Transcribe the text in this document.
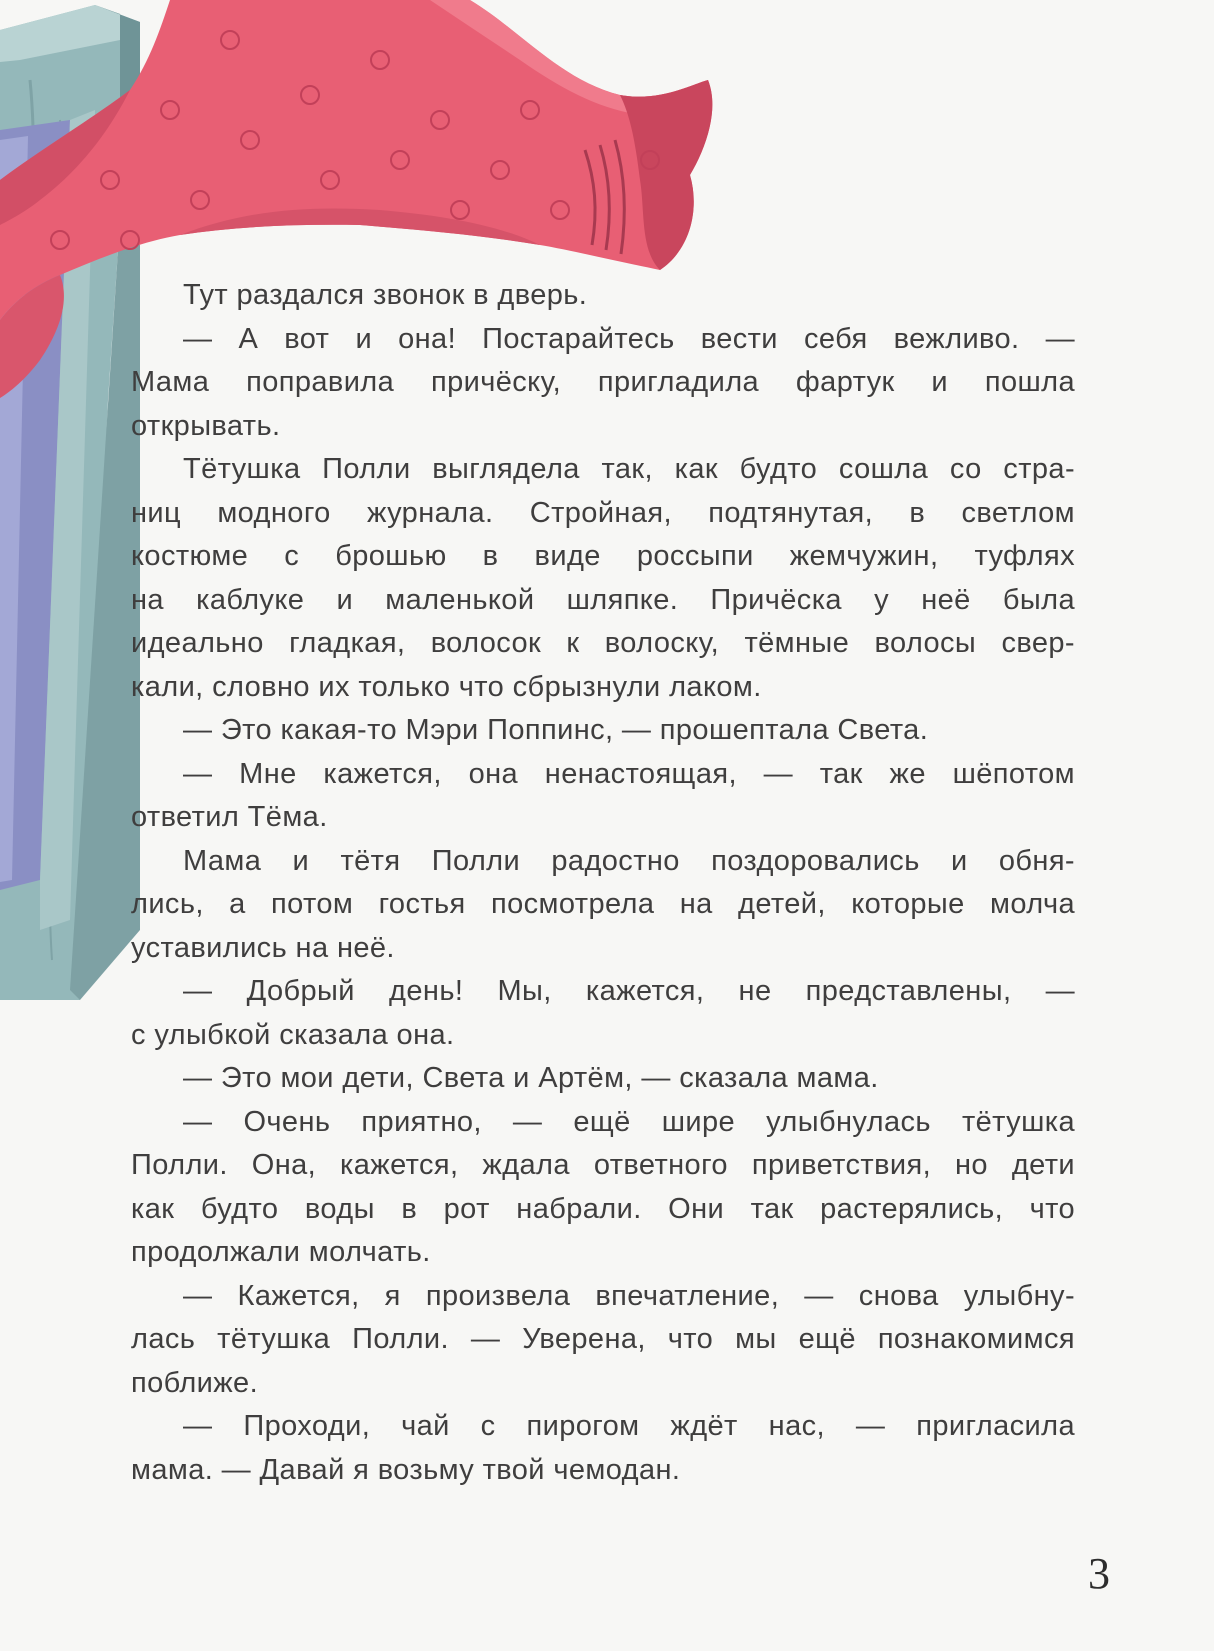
Тут раздался звонок в дверь.
— А вот и она! Постарайтесь вести себя вежливо. —
Мама поправила причёску, пригладила фартук и пошла
открывать.
Тётушка Полли выглядела так, как будто сошла со стра-
ниц модного журнала. Стройная, подтянутая, в светлом
костюме с брошью в виде россыпи жемчужин, туфлях
на каблуке и маленькой шляпке. Причёска у неё была
идеально гладкая, волосок к волоску, тёмные волосы свер-
кали, словно их только что сбрызнули лаком.
— Это какая-то Мэри Поппинс, — прошептала Света.
— Мне кажется, она ненастоящая, — так же шёпотом
ответил Тёма.
Мама и тётя Полли радостно поздоровались и обня-
лись, а потом гостья посмотрела на детей, которые молча
уставились на неё.
— Добрый день! Мы, кажется, не представлены, —
с улыбкой сказала она.
— Это мои дети, Света и Артём, — сказала мама.
— Очень приятно, — ещё шире улыбнулась тётушка
Полли. Она, кажется, ждала ответного приветствия, но дети
как будто воды в рот набрали. Они так растерялись, что
продолжали молчать.
— Кажется, я произвела впечатление, — снова улыбну-
лась тётушка Полли. — Уверена, что мы ещё познакомимся
поближе.
— Проходи, чай с пирогом ждёт нас, — пригласила
мама. — Давай я возьму твой чемодан.
3
